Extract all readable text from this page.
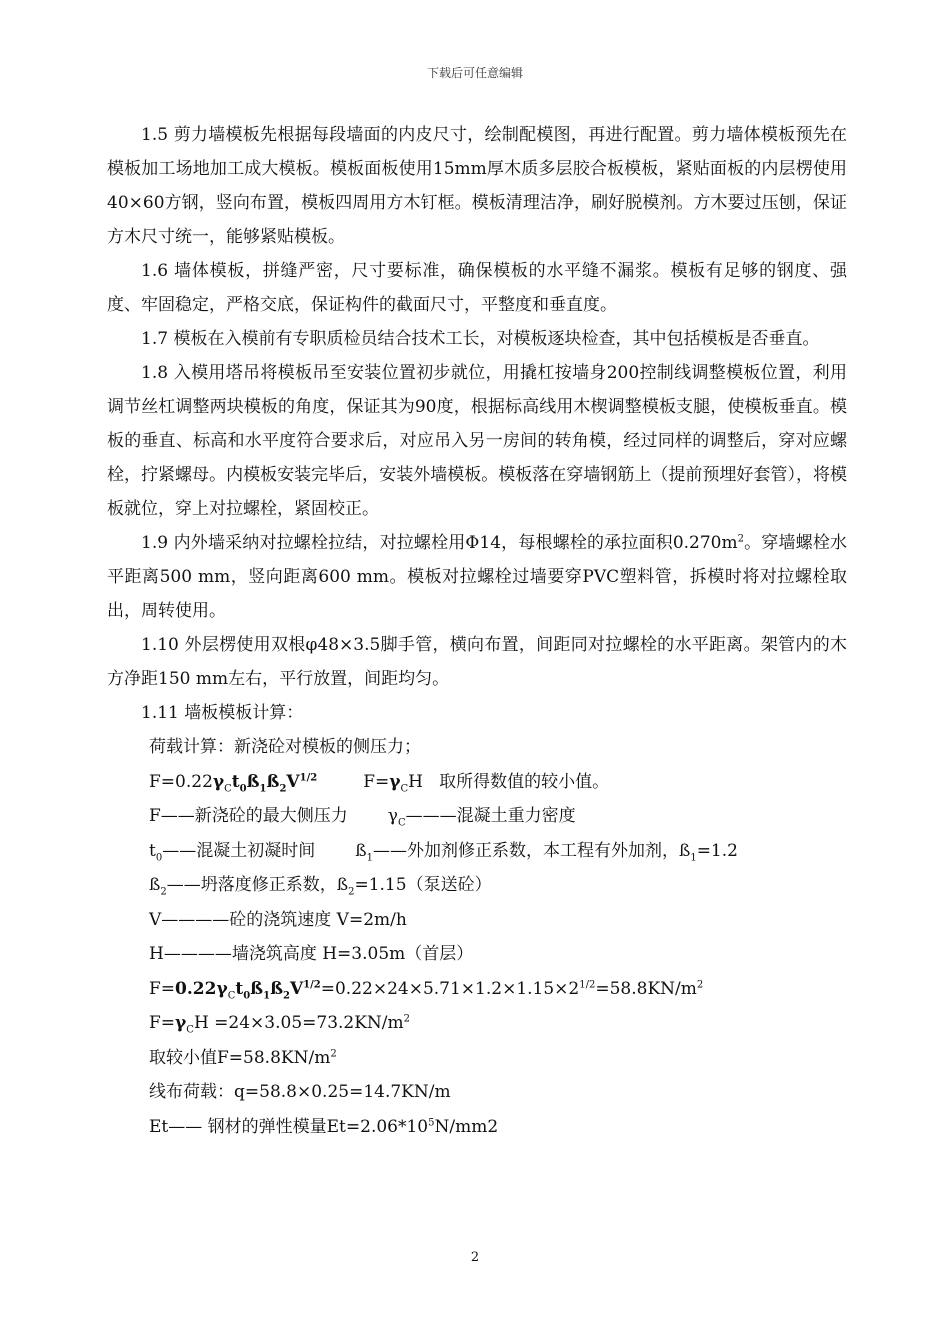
下载后可任意编辑

1.5 剪力墙模板先根据每段墙面的内皮尺寸，绘制配模图，再进行配置。剪力墙体模板预先在模板加工场地加工成大模板。模板面板使用15mm厚木质多层胶合板模板，紧贴面板的内层楞使用40×60方钢，竖向布置，模板四周用方木钉框。模板清理洁净，刷好脱模剂。方木要过压刨，保证方木尺寸统一，能够紧贴模板。

1.6 墙体模板，拼缝严密，尺寸要标准，确保模板的水平缝不漏浆。模板有足够的钢度、强度、牢固稳定，严格交底，保证构件的截面尺寸，平整度和垂直度。

1.7 模板在入模前有专职质检员结合技术工长，对模板逐块检查，其中包括模板是否垂直。

1.8 入模用塔吊将模板吊至安装位置初步就位，用撬杠按墙身200控制线调整模板位置，利用调节丝杠调整两块模板的角度，保证其为90度，根据标高线用木楔调整模板支腿，使模板垂直。模板的垂直、标高和水平度符合要求后，对应吊入另一房间的转角模，经过同样的调整后，穿对应螺栓，拧紧螺母。内模板安装完毕后，安装外墙模板。模板落在穿墙钢筋上（提前预埋好套管），将模板就位，穿上对拉螺栓，紧固校正。

1.9 内外墙采纳对拉螺栓拉结，对拉螺栓用Φ14，每根螺栓的承拉面积$0.270m^2$。穿墙螺栓水平距离500 mm，竖向距离600 mm。模板对拉螺栓过墙要穿PVC塑料管，拆模时将对拉螺栓取出，周转使用。

1.10 外层楞使用双根φ48×3.5脚手管，横向布置，间距同对拉螺栓的水平距离。架管内的木方净距150 mm左右，平行放置，间距均匀。

1.11 墙板模板计算：

荷载计算：新浇砼对模板的侧压力；

$F=0.22\gamma_Ct_0ß_1ß_2V^{1/2}$	$F=\gamma_CH$ 取所得数值的较小值。

F——新浇砼的最大侧压力 $\gamma_C———$混凝土重力密度

$t_0——$混凝土初凝时间 $ß_1——$外加剂修正系数，本工程有外加剂，$ß_1=1.2$

$ß_2——$坍落度修正系数，$ß_2=1.15$（泵送砼）

V————砼的浇筑速度 V=2m/h

H————墙浇筑高度 H=3.05m（首层）

$F=0.22\gamma_Ct_0ß_1ß_2V^{1/2}=0.22\times 24\times 5.71\times 1.2\times 1.15\times 2^{1/2}=58.8KN/m^2$

$F=\gamma_CH =24\times 3.05=73.2KN/m^2$

取较小值$F=58.8KN/m^2$

线布荷载：q=58.8×0.25=14.7KN/m

Et—— 钢材的弹性模量$Et=2.06*10^5N/mm2$

2
